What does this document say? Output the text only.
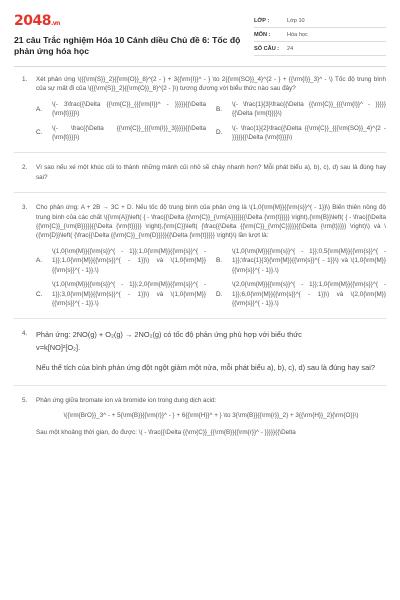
2048.vn
21 câu Trắc nghiệm Hóa 10 Cánh diều Chủ đề 6: Tốc độ phản ứng hóa học
LỚP :	Lớp 10
MÔN :	Hóa học
SỐ CÂU :	24
1.	Xét phản ứng \({{\rm{S}}_2}{{\rm{O}}_8}^{2 - } + 3{{\rm{I}}^ - } \to 2{{\rm{SO}}_4}^{2 - } + {{\rm{I}}_3}^ - \) Tốc độ trung bình của sự mất đi của \({{\rm{S}}_2}{{\rm{O}}_8}^{2 - }\) tương đương với biểu thức nào sau đây?
A.
\(- 3\frac{{\Delta {{\rm{C}}_{{{\rm{I}}^ - }}}}}{{\Delta {\rm{t}}}}\)
B.
\(- \frac{1}{3}\frac{{\Delta {{\rm{C}}_{{{\rm{I}}^ - }}}}}{{\Delta {\rm{t}}}}\)
C.
\(- \frac{{\Delta {{\rm{C}}_{{{\rm{I}}_3}}}}}{{\Delta {\rm{t}}}}\)
D.
\(- \frac{1}{2}\frac{{\Delta {{\rm{C}}_{{{\rm{SO}}_4}^{2 - }}}}}{{\Delta {\rm{t}}}}\)
2.	Vì sao nếu xé một khúc củi to thành những mảnh củi nhỏ sẽ cháy nhanh hơn? Mỗi phát biểu a), b), c), d) sau là đúng hay sai?
3.	Cho phản ứng: A + 2B → 3C + D. Nếu tốc độ trung bình của phản ứng là \(1,0{\rm{M}}{{\rm{s}}^{ - 1}}\) Biến thiên nồng độ trung bình của các chất \({\rm{A}}\left( { - \frac{{\Delta {{\rm{C}}_{\rm{A}}}}}{{\Delta {\rm{t}}}}} \right),{\rm{B}}\left( { - \frac{{\Delta {{\rm{C}}_{\rm{B}}}}}{{\Delta {\rm{t}}}}} \right),{\rm{C}}\left( {\frac{{\Delta {{\rm{C}}_{\rm{C}}}}}{{\Delta {\rm{t}}}}} \right)\) và \({\rm{D}}\left( {\frac{{\Delta {{\rm{C}}_{\rm{D}}}}}{{\Delta {\rm{t}}}}} \right)\) lần lượt là:
A.
\(1,0{\rm{M}}{{\rm{s}}^{ - 1}};1,0{\rm{M}}{{\rm{s}}^{ - 1}};1,0{\rm{M}}{{\rm{s}}^{ - 1}}\) và \(1,0{\rm{M}}{{\rm{s}}^{ - 1}}.\)
B.
\(1,0{\rm{M}}{{\rm{s}}^{ - 1}};0,5{\rm{M}}{{\rm{s}}^{ - 1}};\frac{1}{3}{\rm{M}}{{\rm{s}}^{ - 1}}\) và \(1,0{\rm{M}}{{\rm{s}}^{ - 1}}.\)
C.
\(1,0{\rm{M}}{{\rm{s}}^{ - 1}};2,0{\rm{M}}{{\rm{s}}^{ - 1}};3,0{\rm{M}}{{\rm{s}}^{ - 1}}\) và \(1,0{\rm{M}}{{\rm{s}}^{ - 1}}.\)
D.
\(2,0{\rm{M}}{{\rm{s}}^{ - 1}};1,0{\rm{M}}{{\rm{s}}^{ - 1}};6,0{\rm{M}}{{\rm{s}}^{ - 1}}\) và \(2,0{\rm{M}}{{\rm{s}}^{ - 1}}.\)
4.	Phản ứng: 2NO(g) + O₂(g) → 2NO₂(g) có tốc độ phản ứng phù hợp với biểu thức
v=k[NO]²[O₂].
Nếu thể tích của bình phản ứng đột ngột giảm một nửa, mỗi phát biểu a), b), c), d) sau là đúng hay sai?
5.	Phản ứng giữa bromate ion và bromide ion trong dung dịch acid:
\({\rm{BrO}}_3^ - + 5{\rm{B}}{{\rm{r}}^ - } + 6{{\rm{H}}^ + } \to 3{\rm{B}}{{\rm{r}}_2} + 3{{\rm{H}}_2}{\rm{O}}\)
Sau một khoảng thời gian, đo được: \( - \frac{{\Delta {{\rm{C}}_{{\rm{B}}{{\rm{r}}^ - }}}}}{{\Delta
